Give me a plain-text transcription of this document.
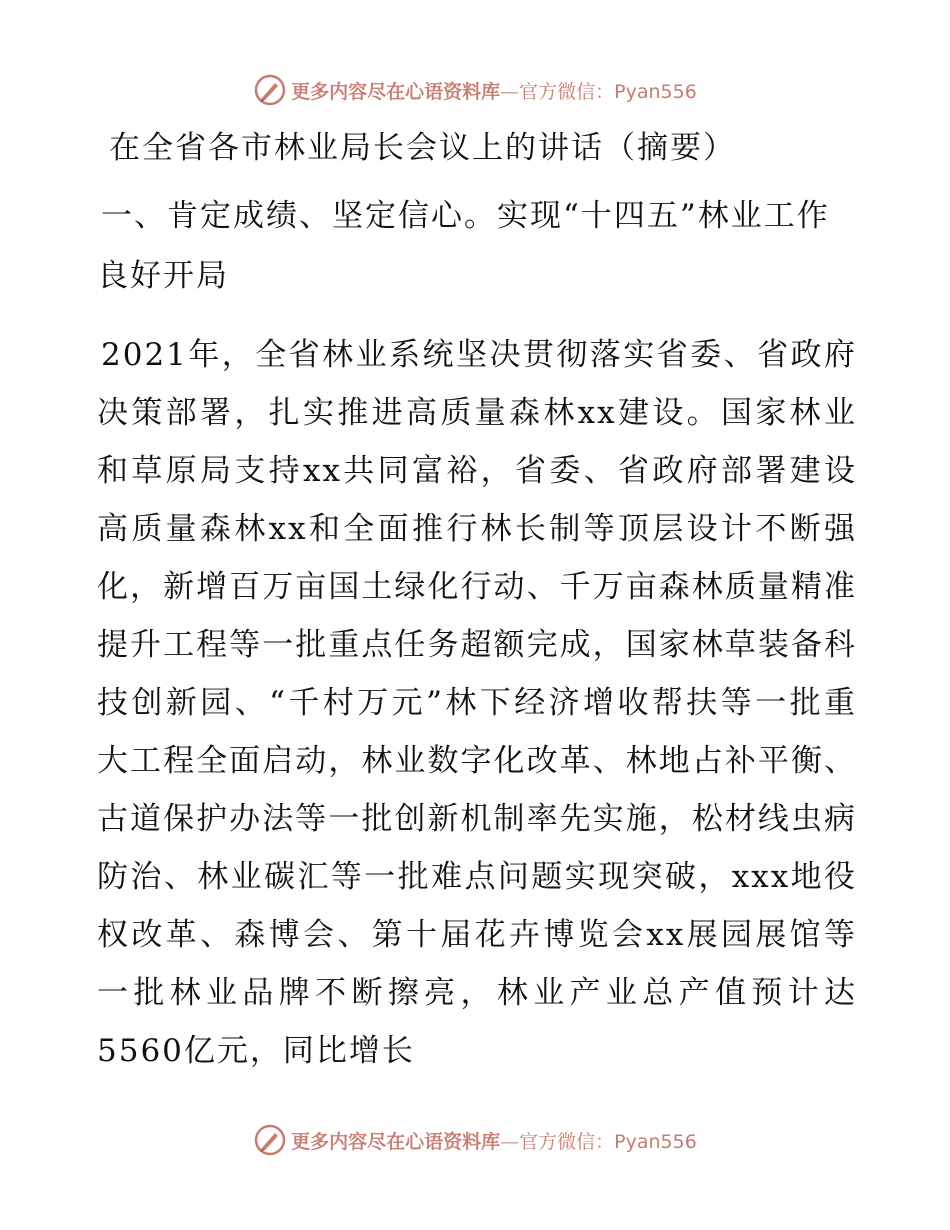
更多内容尽在心语资料库—官方微信：Pyan556
在全省各市林业局长会议上的讲话（摘要）
一、肯定成绩、坚定信心。实现“十四五”林业工作良好开局

2021年，全省林业系统坚决贯彻落实省委、省政府决策部署，扎实推进高质量森林xx建设。国家林业和草原局支持xx共同富裕，省委、省政府部署建设高质量森林xx和全面推行林长制等顶层设计不断强化，新增百万亩国土绿化行动、千万亩森林质量精准提升工程等一批重点任务超额完成，国家林草装备科技创新园、“千村万元”林下经济增收帮扶等一批重大工程全面启动，林业数字化改革、林地占补平衡、古道保护办法等一批创新机制率先实施，松材线虫病防治、林业碳汇等一批难点问题实现突破，xxx地役权改革、森博会、第十届花卉博览会xx展园展馆等一批林业品牌不断擦亮，林业产业总产值预计达5560亿元，同比增长

更多内容尽在心语资料库—官方微信：Pyan556
